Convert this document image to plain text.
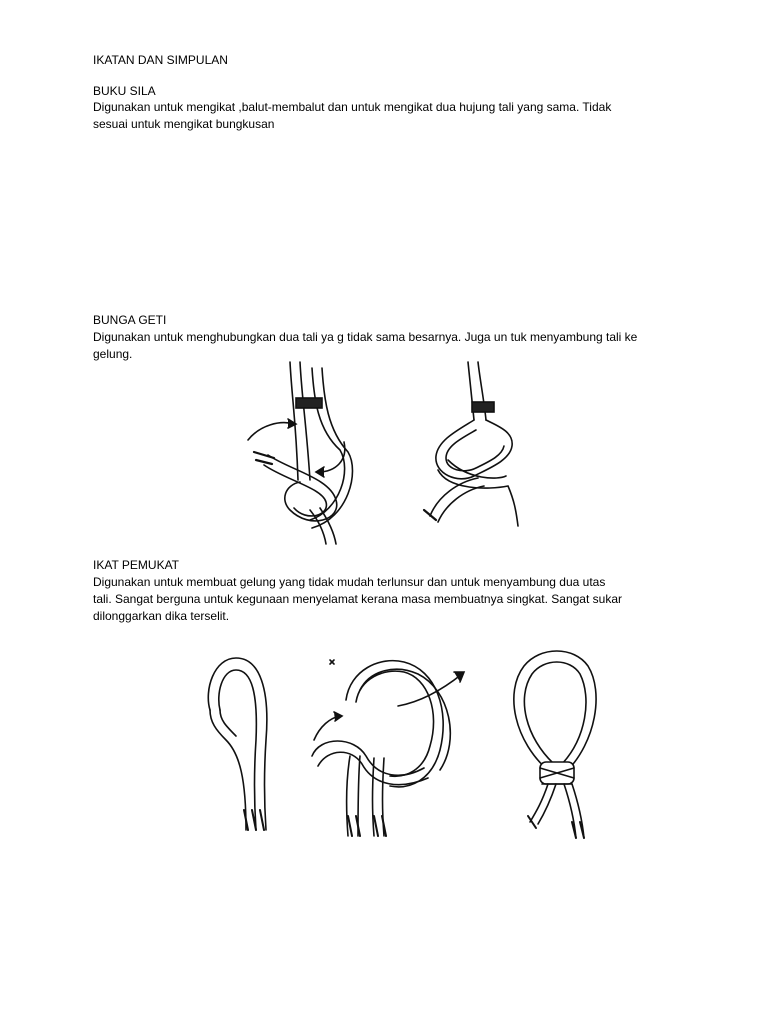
IKATAN DAN SIMPULAN
BUKU SILA
Digunakan untuk mengikat ,balut-membalut dan untuk mengikat dua hujung tali yang sama. Tidak
sesuai untuk mengikat bungkusan
BUNGA GETI
Digunakan untuk menghubungkan dua tali ya g tidak sama besarnya. Juga un tuk menyambung tali ke
gelung.
IKAT PEMUKAT
Digunakan untuk membuat gelung yang tidak mudah terlunsur dan untuk menyambung dua utas
tali. Sangat berguna untuk kegunaan menyelamat kerana masa membuatnya singkat. Sangat sukar
dilonggarkan dika terselit.
